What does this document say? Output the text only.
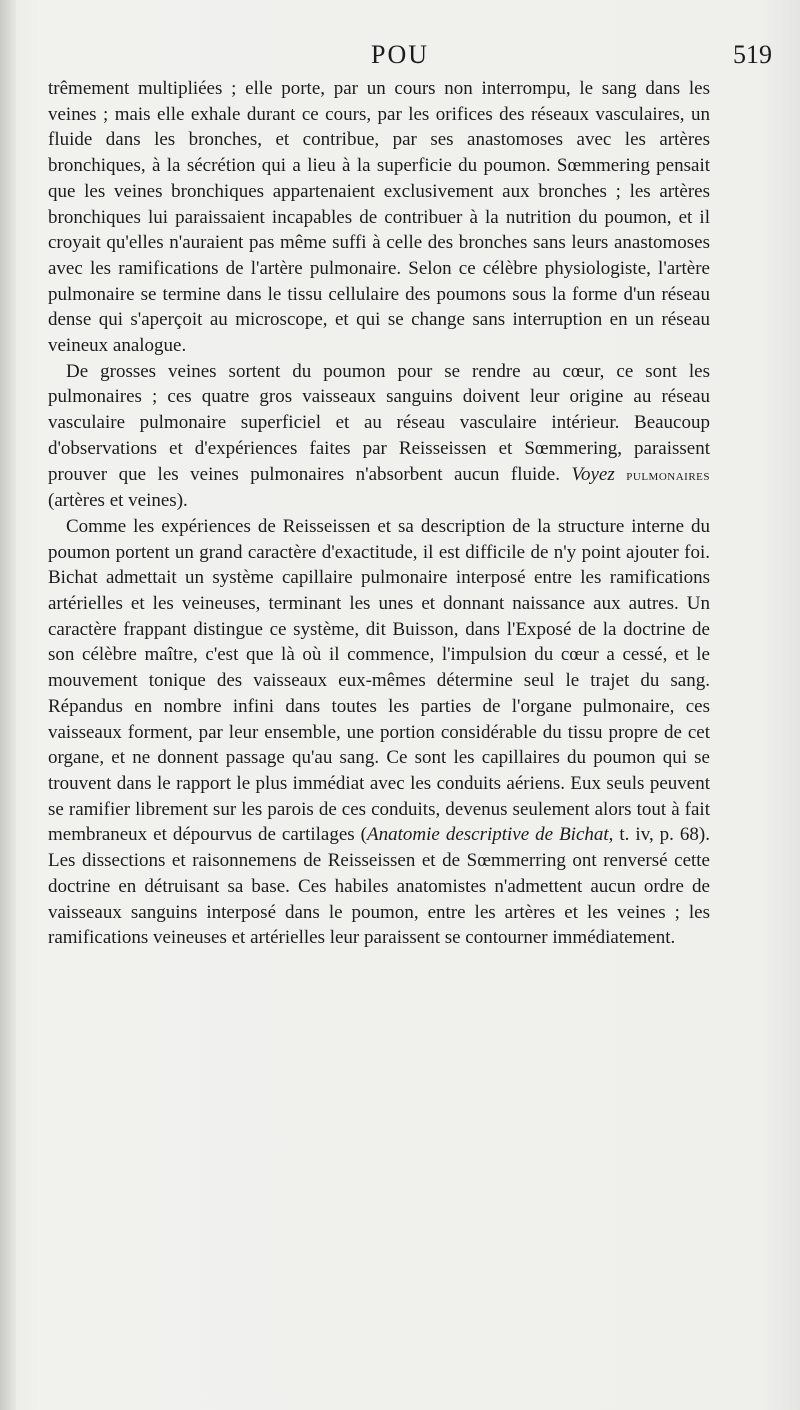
POU	519

trêmement multipliées ; elle porte, par un cours non interrompu, le sang dans les veines ; mais elle exhale durant ce cours, par les orifices des réseaux vasculaires, un fluide dans les bronches, et contribue, par ses anastomoses avec les artères bronchiques, à la sécrétion qui a lieu à la superficie du poumon. Sœmmering pensait que les veines bronchiques appartenaient exclusivement aux bronches ; les artères bronchiques lui paraissaient incapables de contribuer à la nutrition du poumon, et il croyait qu'elles n'auraient pas même suffi à celle des bronches sans leurs anastomoses avec les ramifications de l'artère pulmonaire. Selon ce célèbre physiologiste, l'artère pulmonaire se termine dans le tissu cellulaire des poumons sous la forme d'un réseau dense qui s'aperçoit au microscope, et qui se change sans interruption en un réseau veineux analogue.

De grosses veines sortent du poumon pour se rendre au cœur, ce sont les pulmonaires ; ces quatre gros vaisseaux sanguins doivent leur origine au réseau vasculaire pulmonaire superficiel et au réseau vasculaire intérieur. Beaucoup d'observations et d'expériences faites par Reisseissen et Sœmmering, paraissent prouver que les veines pulmonaires n'absorbent aucun fluide. Voyez pulmonaires (artères et veines).

Comme les expériences de Reisseissen et sa description de la structure interne du poumon portent un grand caractère d'exactitude, il est difficile de n'y point ajouter foi. Bichat admettait un système capillaire pulmonaire interposé entre les ramifications artérielles et les veineuses, terminant les unes et donnant naissance aux autres. Un caractère frappant distingue ce système, dit Buisson, dans l'Exposé de la doctrine de son célèbre maître, c'est que là où il commence, l'impulsion du cœur a cessé, et le mouvement tonique des vaisseaux eux-mêmes détermine seul le trajet du sang. Répandus en nombre infini dans toutes les parties de l'organe pulmonaire, ces vaisseaux forment, par leur ensemble, une portion considérable du tissu propre de cet organe, et ne donnent passage qu'au sang. Ce sont les capillaires du poumon qui se trouvent dans le rapport le plus immédiat avec les conduits aériens. Eux seuls peuvent se ramifier librement sur les parois de ces conduits, devenus seulement alors tout à fait membraneux et dépourvus de cartilages (Anatomie descriptive de Bichat, t. iv, p. 68). Les dissections et raisonnemens de Reisseissen et de Sœmmerring ont renversé cette doctrine en détruisant sa base. Ces habiles anatomistes n'admettent aucun ordre de vaisseaux sanguins interposé dans le poumon, entre les artères et les veines ; les ramifications veineuses et artérielles leur paraissent se contourner immédiatement.
